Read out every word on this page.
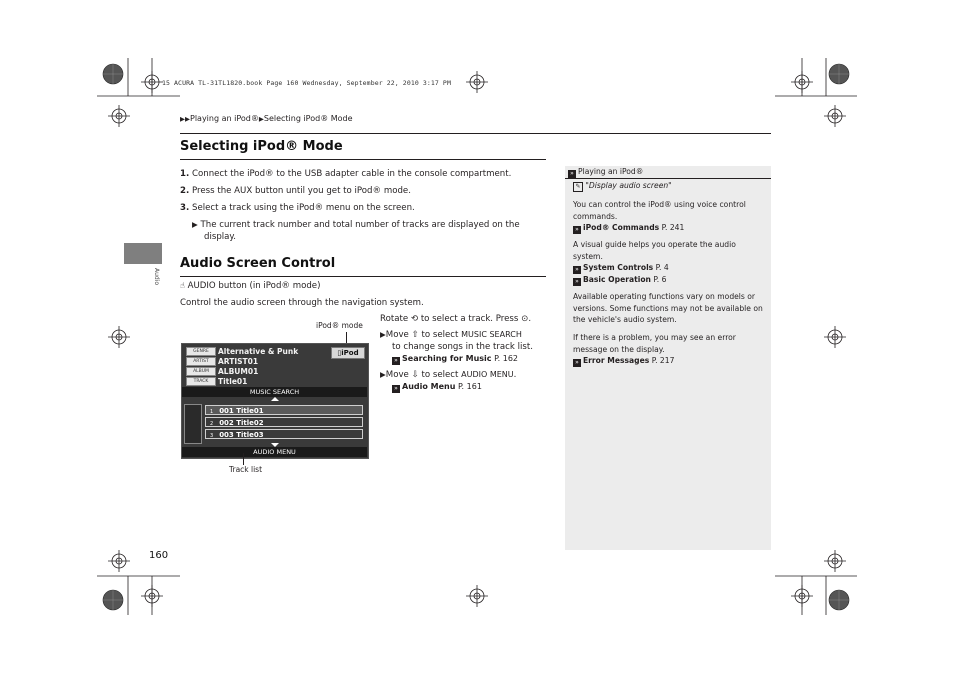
15 ACURA TL-31TL1820.book Page 160 Wednesday, September 22, 2010 3:17 PM
▶▶Playing an iPod®▶Selecting iPod® Mode
Audio
Selecting iPod® Mode
1. Connect the iPod® to the USB adapter cable in the console compartment.
2. Press the AUX button until you get to iPod® mode.
3. Select a track using the iPod® menu on the screen.
▶ The current track number and total number of tracks are displayed on the
display.
Audio Screen Control
☝ AUDIO button (in iPod® mode)
Control the audio screen through the navigation system.
Rotate ⟲ to select a track. Press ⊙.
▶Move ⇧ to select MUSIC SEARCH
to change songs in the track list.
» Searching for Music P. 162
▶Move ⇩ to select AUDIO MENU.
» Audio Menu P. 161
iPod® mode
GENRE	Alternative & Punk
ARTIST	ARTIST01
ALBUM	ALBUM01
TRACK	Title01
▯iPod
MUSIC SEARCH
1 001 Title01
2 002 Title02
3 003 Title03
AUDIO MENU
Track list
» Playing an iPod®
✎ "Display audio screen"
You can control the iPod® using voice control
commands.
» iPod® Commands P. 241
A visual guide helps you operate the audio
system.
» System Controls P. 4
» Basic Operation P. 6
Available operating functions vary on models or
versions. Some functions may not be available on
the vehicle's audio system.
If there is a problem, you may see an error
message on the display.
» Error Messages P. 217
160
